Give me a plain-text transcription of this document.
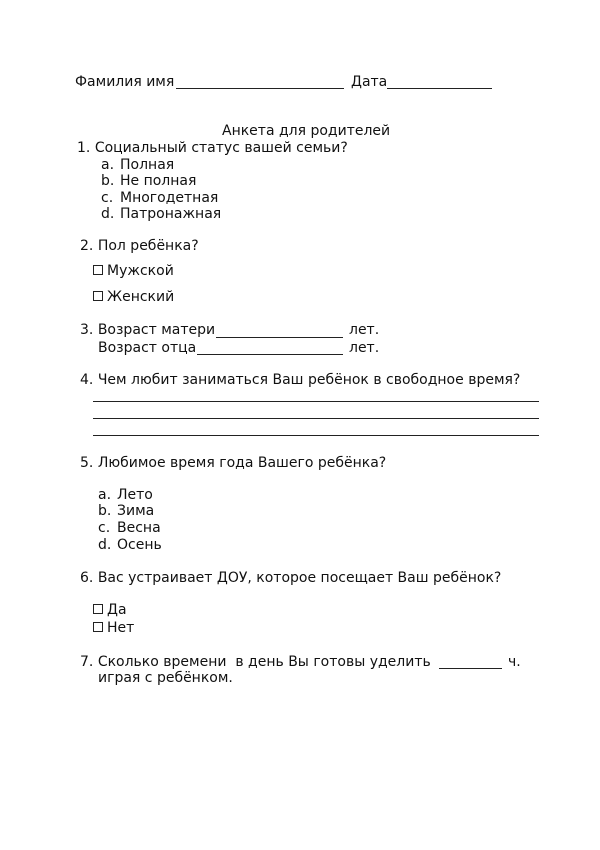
Фамилия имя	Дата
Анкета для родителей
1. Социальный статус вашей семьи?
a. Полная
b. Не полная
c. Многодетная
d. Патронажная
2. Пол ребёнка?
Мужской
Женский
3. Возраст матери	лет.
Возраст отца	лет.
4. Чем любит заниматься Ваш ребёнок в свободное время?
5. Любимое время года Вашего ребёнка?
a. Лето
b. Зима
c. Весна
d. Осень
6. Вас устраивает ДОУ, которое посещает Ваш ребёнок?
Да
Нет
7. Сколько времени  в день Вы готовы уделить	ч.
играя с ребёнком.
